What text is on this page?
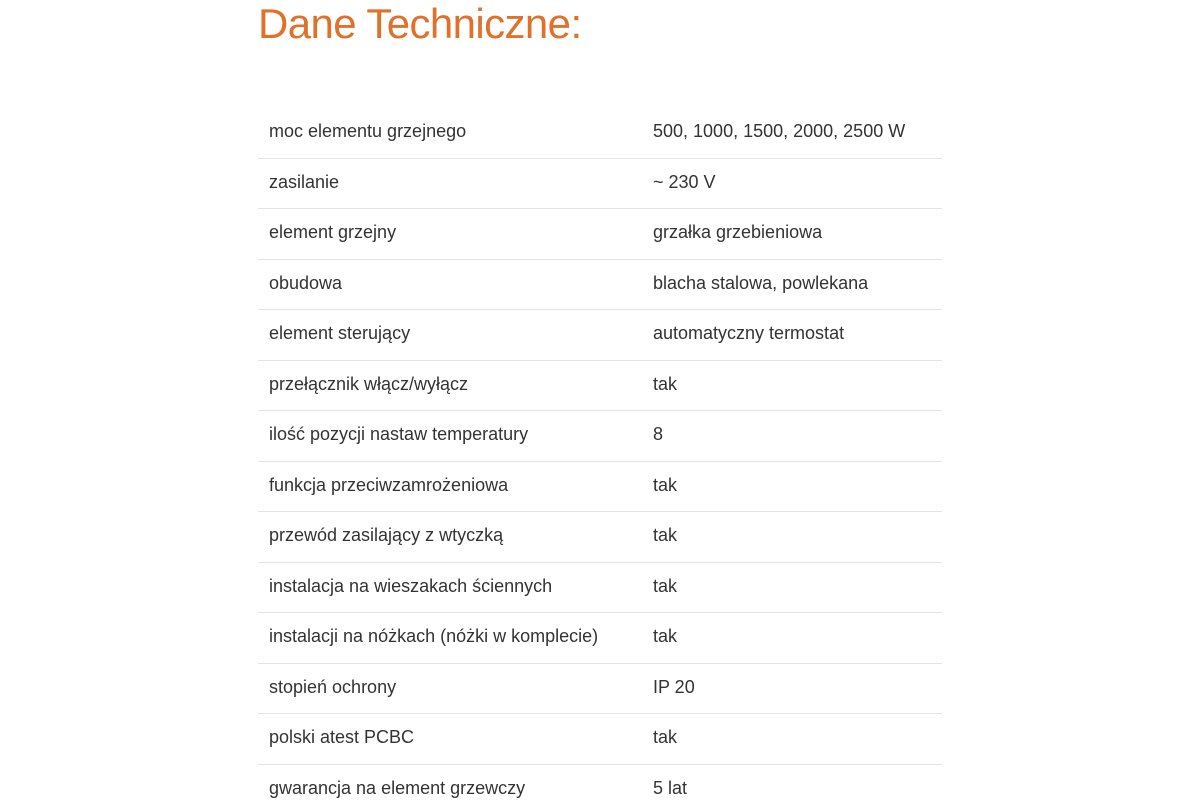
Dane Techniczne:
moc elementu grzejnego	500, 1000, 1500, 2000, 2500 W
zasilanie	~ 230 V
element grzejny	grzałka grzebieniowa
obudowa	blacha stalowa, powlekana
element sterujący	automatyczny termostat
przełącznik włącz/wyłącz	tak
ilość pozycji nastaw temperatury	8
funkcja przeciwzamrożeniowa	tak
przewód zasilający z wtyczką	tak
instalacja na wieszakach ściennych	tak
instalacji na nóżkach (nóżki w komplecie)	tak
stopień ochrony	IP 20
polski atest PCBC	tak
gwarancja na element grzewczy	5 lat
